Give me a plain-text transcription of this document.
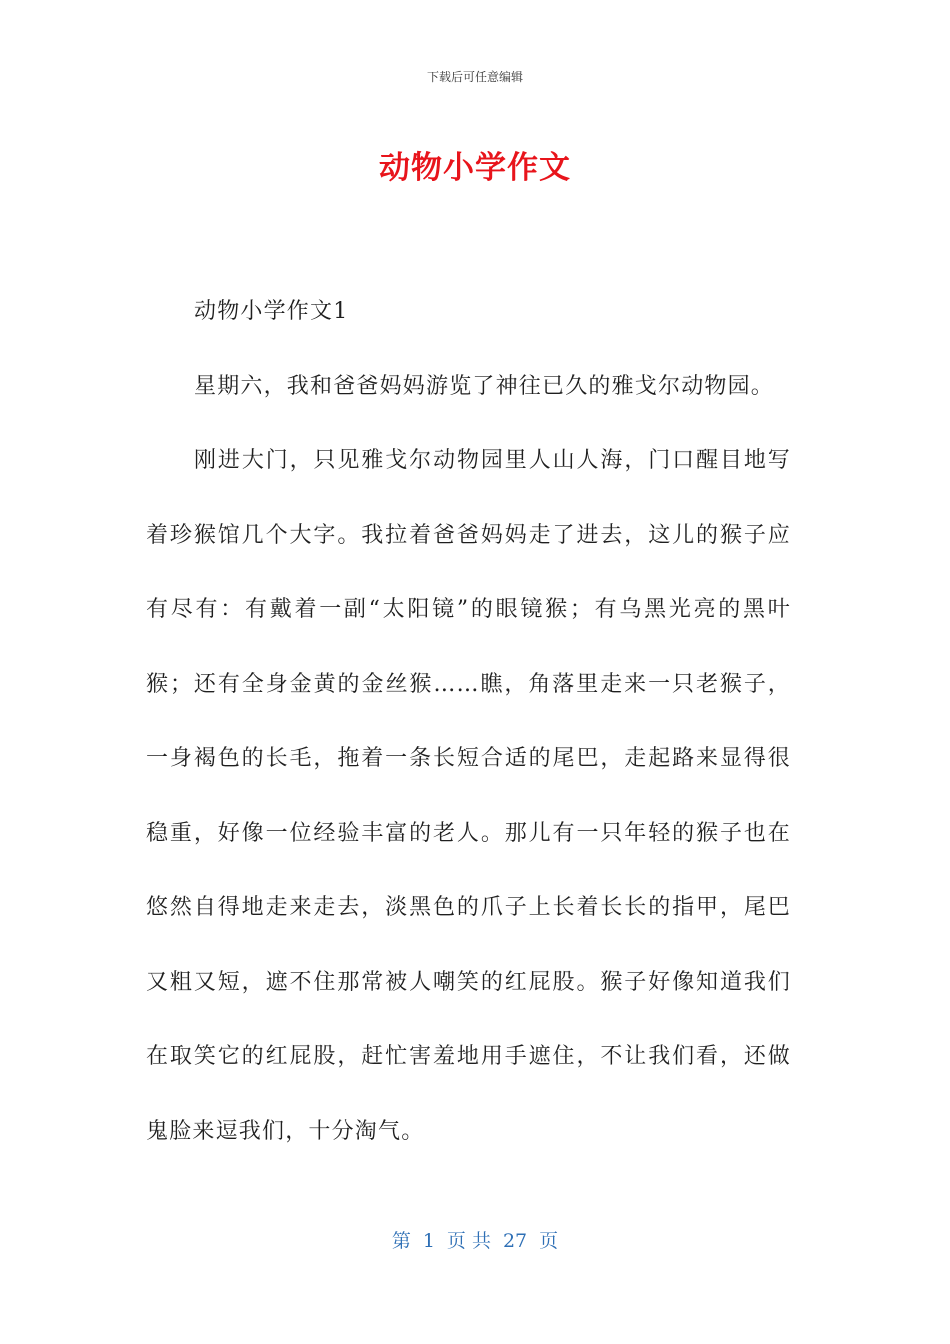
下载后可任意编辑
动物小学作文

动物小学作文1

星期六，我和爸爸妈妈游览了神往已久的雅戈尔动物园。

刚进大门，只见雅戈尔动物园里人山人海，门口醒目地写着珍猴馆几个大字。我拉着爸爸妈妈走了进去，这儿的猴子应有尽有：有戴着一副“太阳镜”的眼镜猴；有乌黑光亮的黑叶猴；还有全身金黄的金丝猴……瞧，角落里走来一只老猴子，一身褐色的长毛，拖着一条长短合适的尾巴，走起路来显得很稳重，好像一位经验丰富的老人。那儿有一只年轻的猴子也在悠然自得地走来走去，淡黑色的爪子上长着长长的指甲，尾巴又粗又短，遮不住那常被人嘲笑的红屁股。猴子好像知道我们在取笑它的红屁股，赶忙害羞地用手遮住，不让我们看，还做鬼脸来逗我们，十分淘气。

第 1 页 共 27 页
